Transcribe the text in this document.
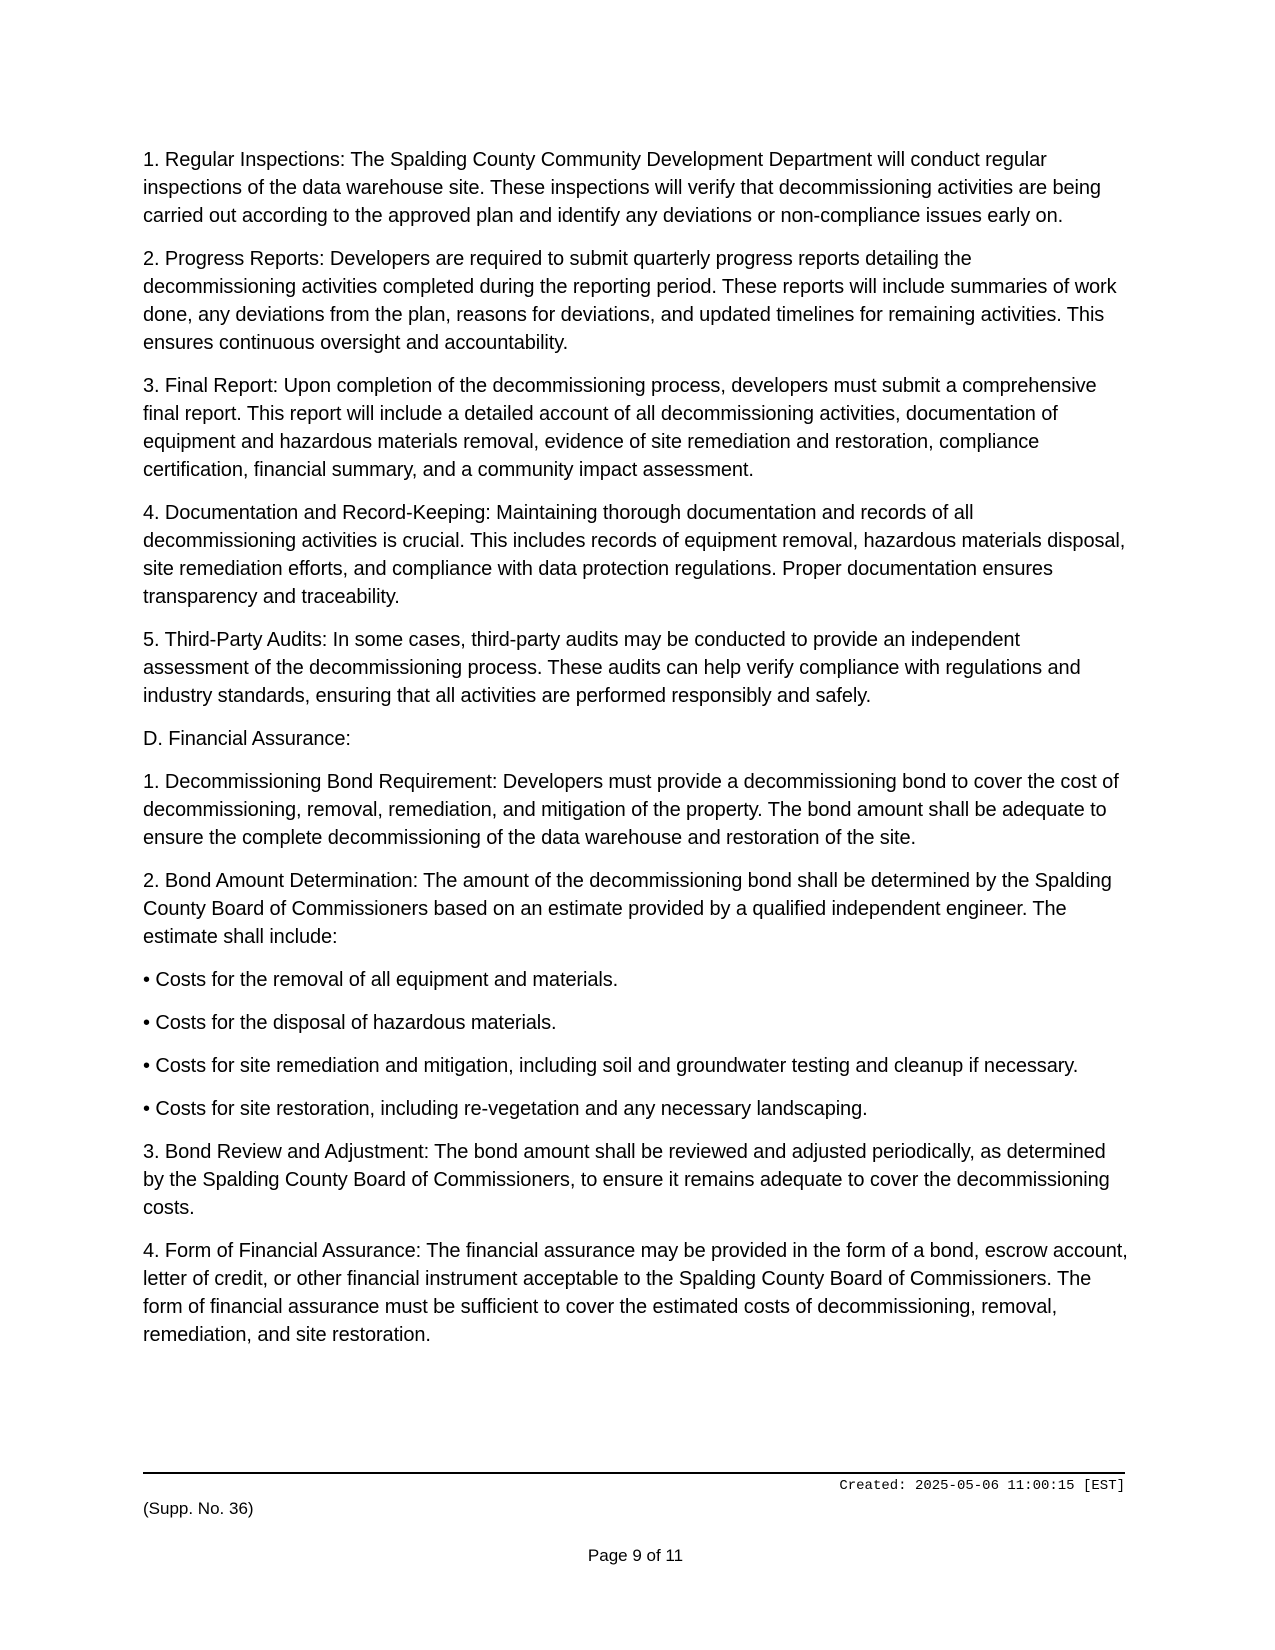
1. Regular Inspections: The Spalding County Community Development Department will conduct regular inspections of the data warehouse site. These inspections will verify that decommissioning activities are being carried out according to the approved plan and identify any deviations or non-compliance issues early on.

2. Progress Reports: Developers are required to submit quarterly progress reports detailing the decommissioning activities completed during the reporting period. These reports will include summaries of work done, any deviations from the plan, reasons for deviations, and updated timelines for remaining activities. This ensures continuous oversight and accountability.

3. Final Report: Upon completion of the decommissioning process, developers must submit a comprehensive final report. This report will include a detailed account of all decommissioning activities, documentation of equipment and hazardous materials removal, evidence of site remediation and restoration, compliance certification, financial summary, and a community impact assessment.

4. Documentation and Record-Keeping: Maintaining thorough documentation and records of all decommissioning activities is crucial. This includes records of equipment removal, hazardous materials disposal, site remediation efforts, and compliance with data protection regulations. Proper documentation ensures transparency and traceability.

5. Third-Party Audits: In some cases, third-party audits may be conducted to provide an independent assessment of the decommissioning process. These audits can help verify compliance with regulations and industry standards, ensuring that all activities are performed responsibly and safely.

D. Financial Assurance:

1. Decommissioning Bond Requirement: Developers must provide a decommissioning bond to cover the cost of decommissioning, removal, remediation, and mitigation of the property. The bond amount shall be adequate to ensure the complete decommissioning of the data warehouse and restoration of the site.

2. Bond Amount Determination: The amount of the decommissioning bond shall be determined by the Spalding County Board of Commissioners based on an estimate provided by a qualified independent engineer. The estimate shall include:

• Costs for the removal of all equipment and materials.

• Costs for the disposal of hazardous materials.

• Costs for site remediation and mitigation, including soil and groundwater testing and cleanup if necessary.

• Costs for site restoration, including re-vegetation and any necessary landscaping.

3. Bond Review and Adjustment: The bond amount shall be reviewed and adjusted periodically, as determined by the Spalding County Board of Commissioners, to ensure it remains adequate to cover the decommissioning costs.

4. Form of Financial Assurance: The financial assurance may be provided in the form of a bond, escrow account, letter of credit, or other financial instrument acceptable to the Spalding County Board of Commissioners. The form of financial assurance must be sufficient to cover the estimated costs of decommissioning, removal, remediation, and site restoration.

Created: 2025-05-06 11:00:15 [EST]
(Supp. No. 36)
Page 9 of 11
